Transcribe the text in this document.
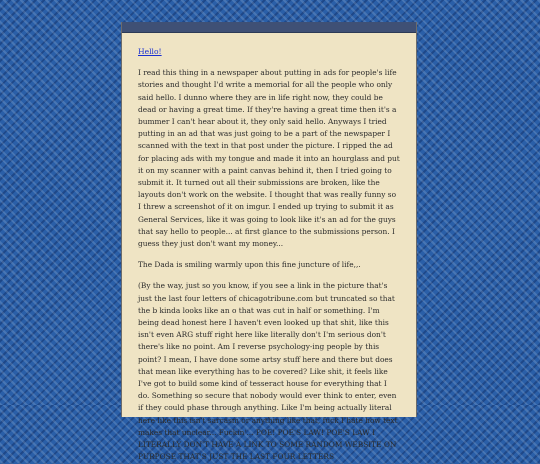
Hello!

I read this thing in a newspaper about putting in ads for people's life stories and thought I'd write a memorial for all the people who only said hello. I dunno where they are in life right now, they could be dead or having a great time. If they're having a great time then it's a bummer I can't hear about it, they only said hello. Anyways I tried putting in an ad that was just going to be a part of the newspaper I scanned with the text in that post under the picture. I ripped the ad for placing ads with my tongue and made it into an hourglass and put it on my scanner with a paint canvas behind it, then I tried going to submit it. It turned out all their submissions are broken, like the layouts don't work on the website. I thought that was really funny so I threw a screenshot of it on imgur. I ended up trying to submit it as General Services, like it was going to look like it's an ad for the guys that say hello to people... at first glance to the submissions person. I guess they just don't want my money...

The Dada is smiling warmly upon this fine juncture of life,,.

(By the way, just so you know, if you see a link in the picture that's just the last four letters of chicagotribune.com but truncated so that the b kinda looks like an o that was cut in half or something. I'm being dead honest here I haven't even looked up that shit, like this isn't even ARG stuff right here like literally don't I'm serious don't there's like no point. Am I reverse psychology-ing people by this point? I mean, I have done some artsy stuff here and there but does that mean like everything has to be covered? Like shit, it feels like I've got to build some kind of tesseract house for everything that I do. Something so secure that nobody would ever think to enter, even if they could phase through anything. Like I'm being actually literal here like this isn't sarcasm or anything like that, fuck I hate how text makes that unclear... Fuckin'... POE! POE'S LAW! POE'S LAW I LITERALLY DON'T HAVE A LINK TO SOME RANDOM WEBSITE ON PURPOSE THAT'S JUST THE LAST FOUR LETTERS
